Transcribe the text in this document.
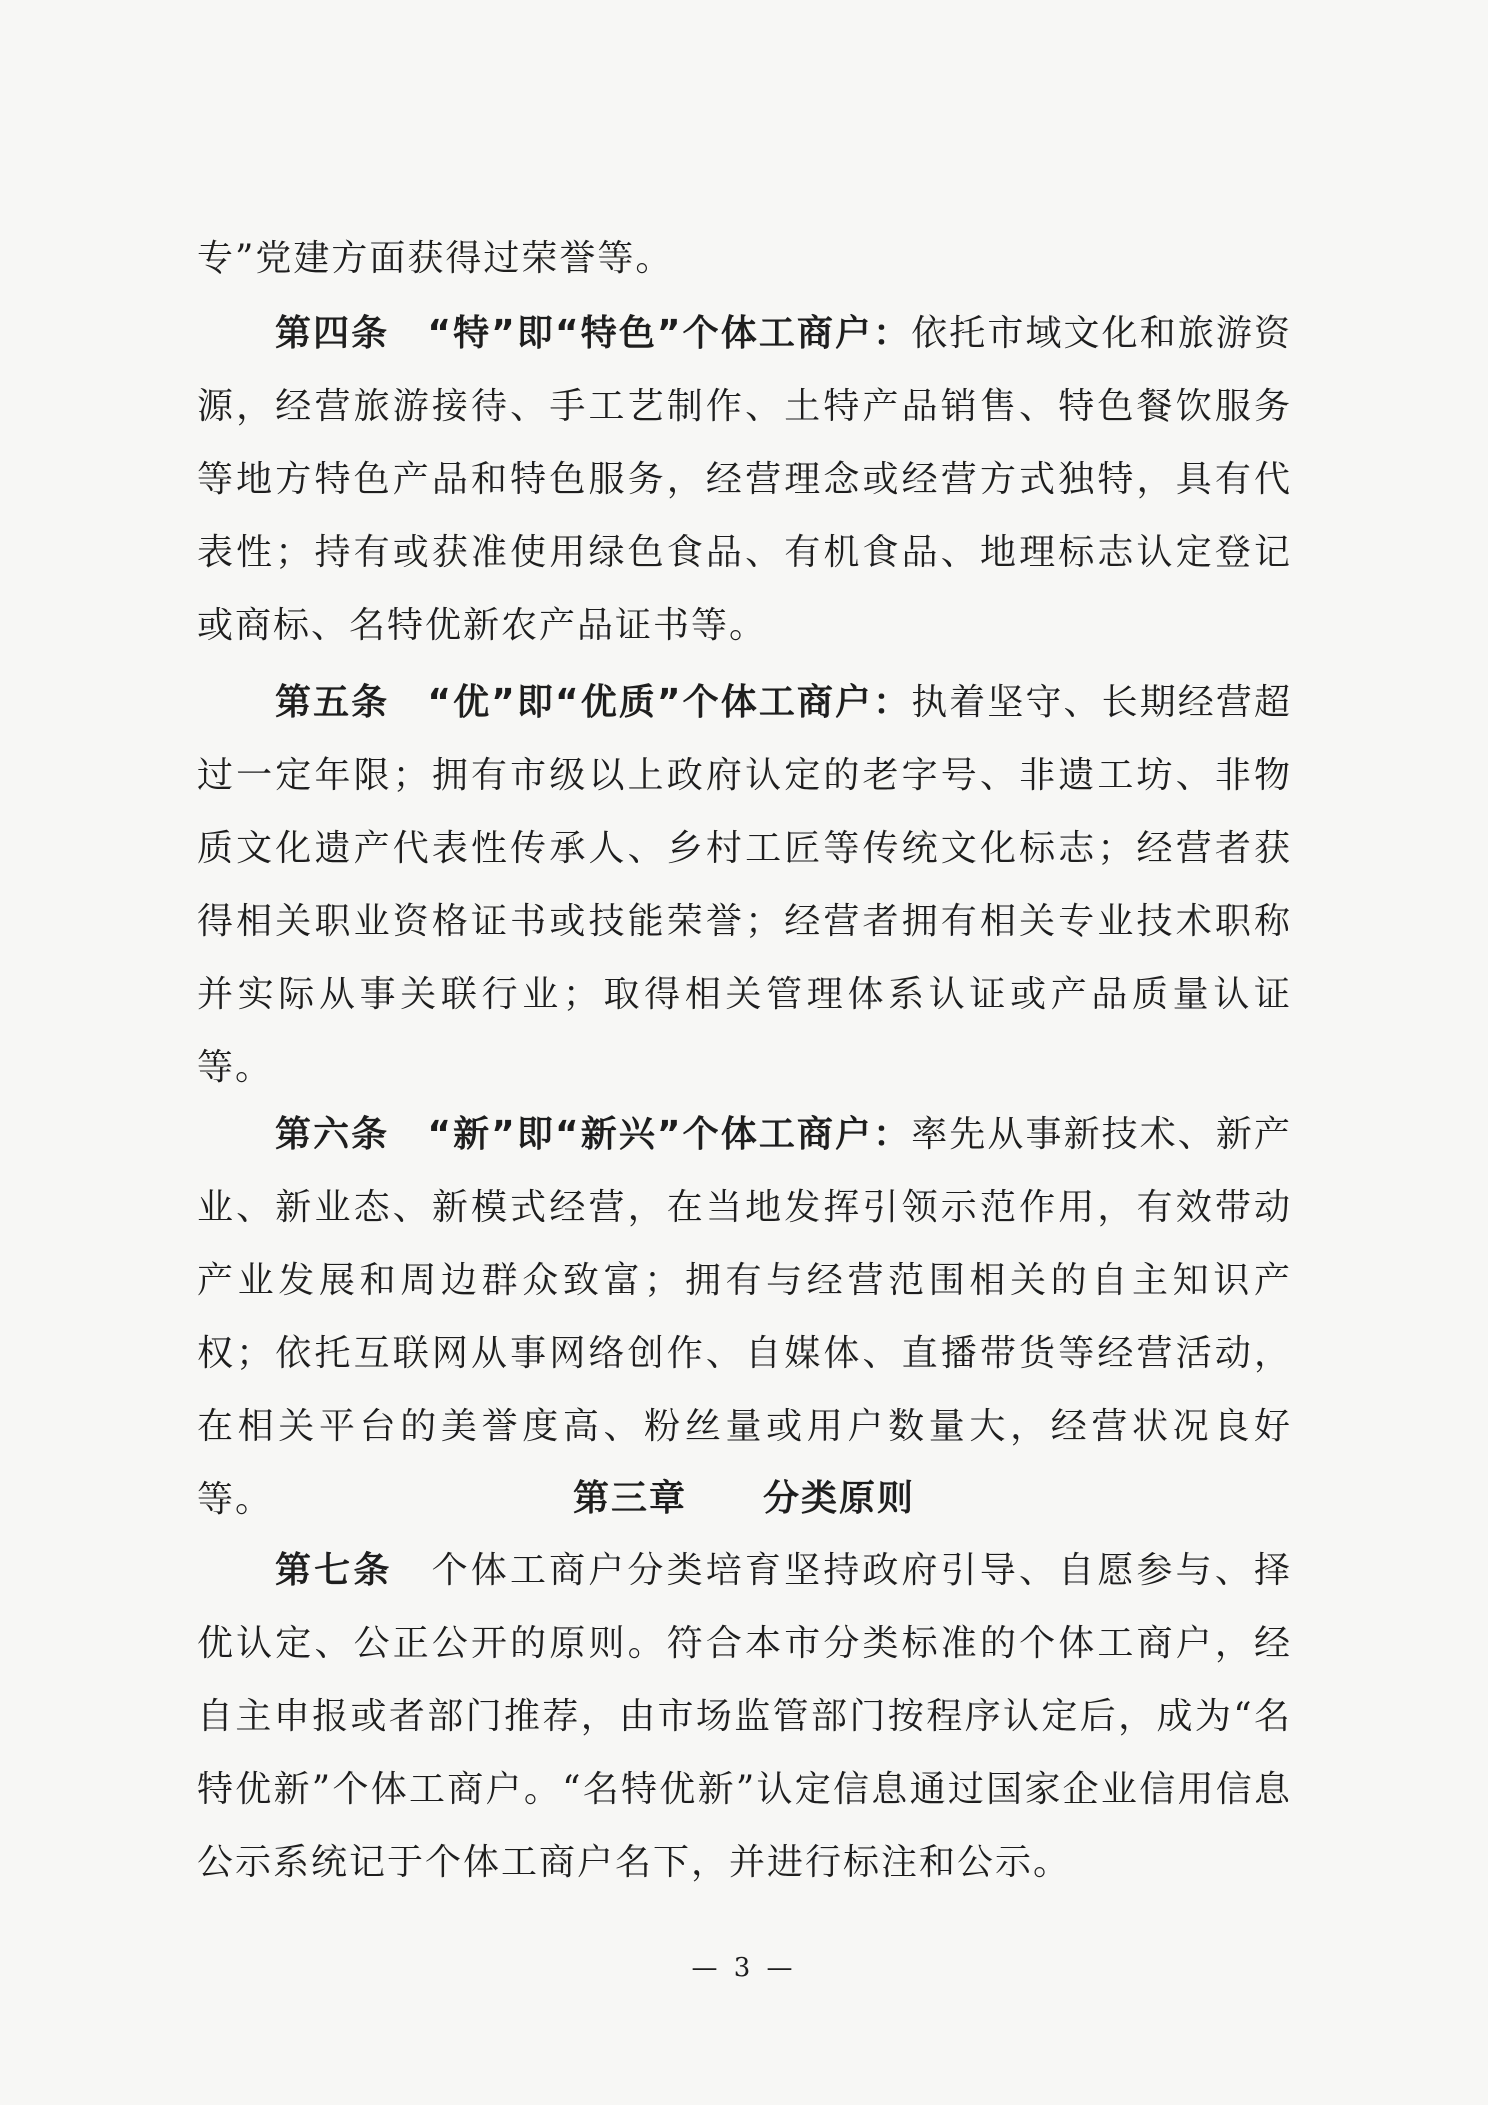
专”党建方面获得过荣誉等。

第四条　“特”即“特色”个体工商户：依托市域文化和旅游资源，经营旅游接待、手工艺制作、土特产品销售、特色餐饮服务等地方特色产品和特色服务，经营理念或经营方式独特，具有代表性；持有或获准使用绿色食品、有机食品、地理标志认定登记或商标、名特优新农产品证书等。

第五条　“优”即“优质”个体工商户：执着坚守、长期经营超过一定年限；拥有市级以上政府认定的老字号、非遗工坊、非物质文化遗产代表性传承人、乡村工匠等传统文化标志；经营者获得相关职业资格证书或技能荣誉；经营者拥有相关专业技术职称并实际从事关联行业；取得相关管理体系认证或产品质量认证等。

第六条　“新”即“新兴”个体工商户：率先从事新技术、新产业、新业态、新模式经营，在当地发挥引领示范作用，有效带动产业发展和周边群众致富；拥有与经营范围相关的自主知识产权；依托互联网从事网络创作、自媒体、直播带货等经营活动，在相关平台的美誉度高、粉丝量或用户数量大，经营状况良好等。	第三章　　分类原则

第七条　个体工商户分类培育坚持政府引导、自愿参与、择优认定、公正公开的原则。符合本市分类标准的个体工商户，经自主申报或者部门推荐，由市场监管部门按程序认定后，成为“名特优新”个体工商户。“名特优新”认定信息通过国家企业信用信息公示系统记于个体工商户名下，并进行标注和公示。

— 3 —
